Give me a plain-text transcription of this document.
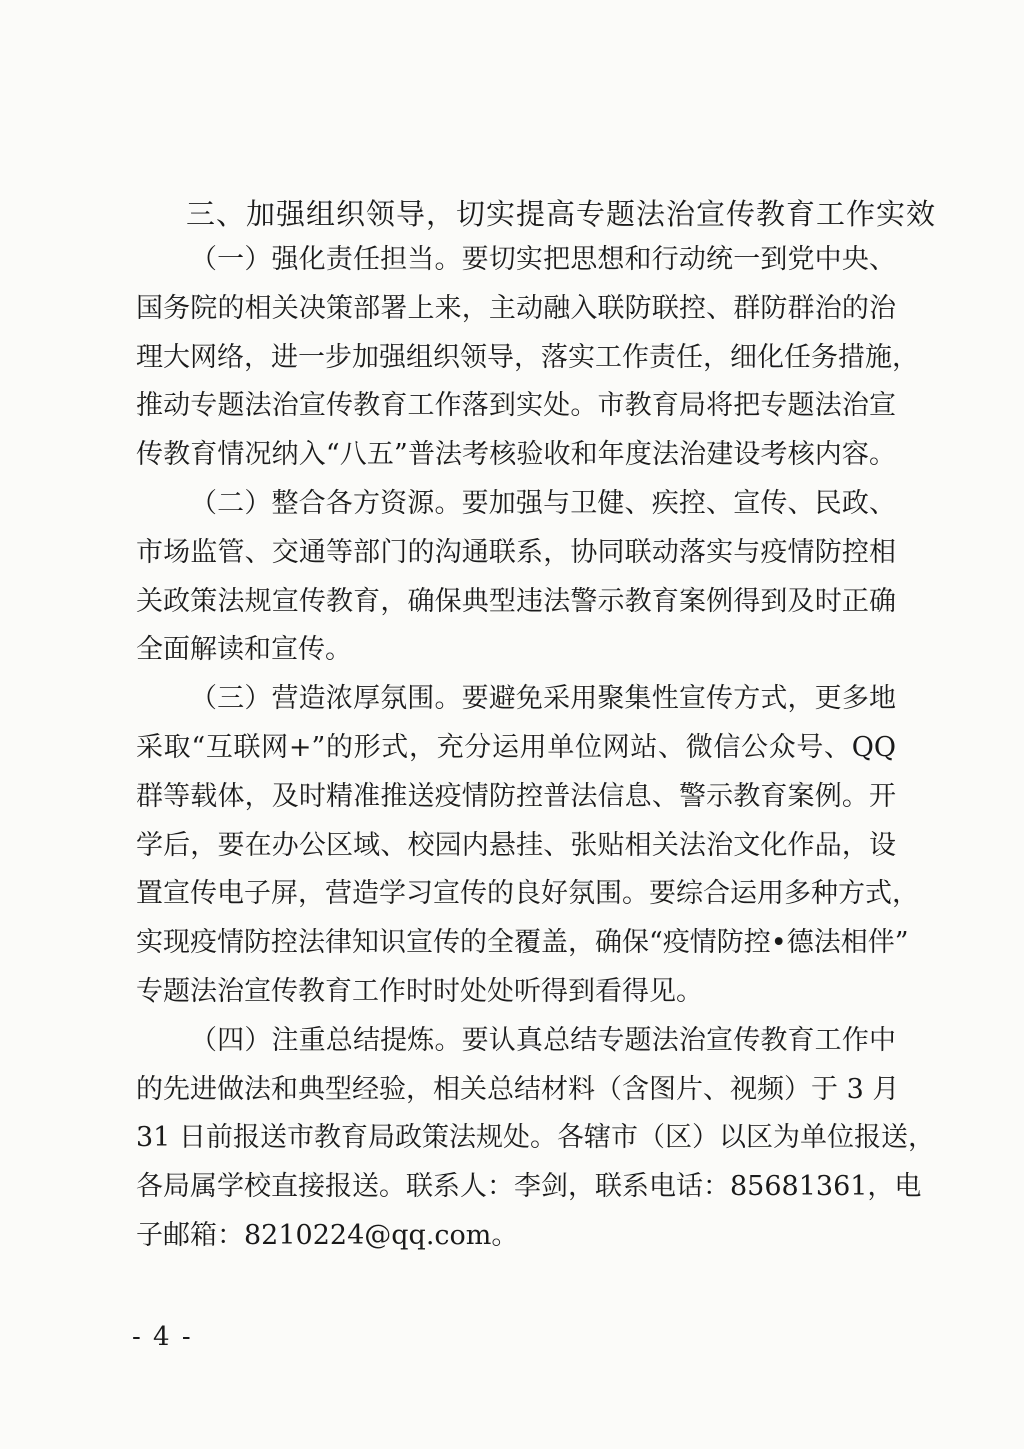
三、加强组织领导，切实提高专题法治宣传教育工作实效
（一）强化责任担当。要切实把思想和行动统一到党中央、
国务院的相关决策部署上来，主动融入联防联控、群防群治的治
理大网络，进一步加强组织领导，落实工作责任，细化任务措施，
推动专题法治宣传教育工作落到实处。市教育局将把专题法治宣
传教育情况纳入“八五”普法考核验收和年度法治建设考核内容。
（二）整合各方资源。要加强与卫健、疾控、宣传、民政、
市场监管、交通等部门的沟通联系，协同联动落实与疫情防控相
关政策法规宣传教育，确保典型违法警示教育案例得到及时正确
全面解读和宣传。
（三）营造浓厚氛围。要避免采用聚集性宣传方式，更多地
采取“互联网+”的形式，充分运用单位网站、微信公众号、QQ
群等载体，及时精准推送疫情防控普法信息、警示教育案例。开
学后，要在办公区域、校园内悬挂、张贴相关法治文化作品，设
置宣传电子屏，营造学习宣传的良好氛围。要综合运用多种方式，
实现疫情防控法律知识宣传的全覆盖，确保“疫情防控•德法相伴”
专题法治宣传教育工作时时处处听得到看得见。
（四）注重总结提炼。要认真总结专题法治宣传教育工作中
的先进做法和典型经验，相关总结材料（含图片、视频）于 3 月
31 日前报送市教育局政策法规处。各辖市（区）以区为单位报送，
各局属学校直接报送。联系人：李剑，联系电话：85681361，电
子邮箱：8210224@qq.com。
- 4 -
